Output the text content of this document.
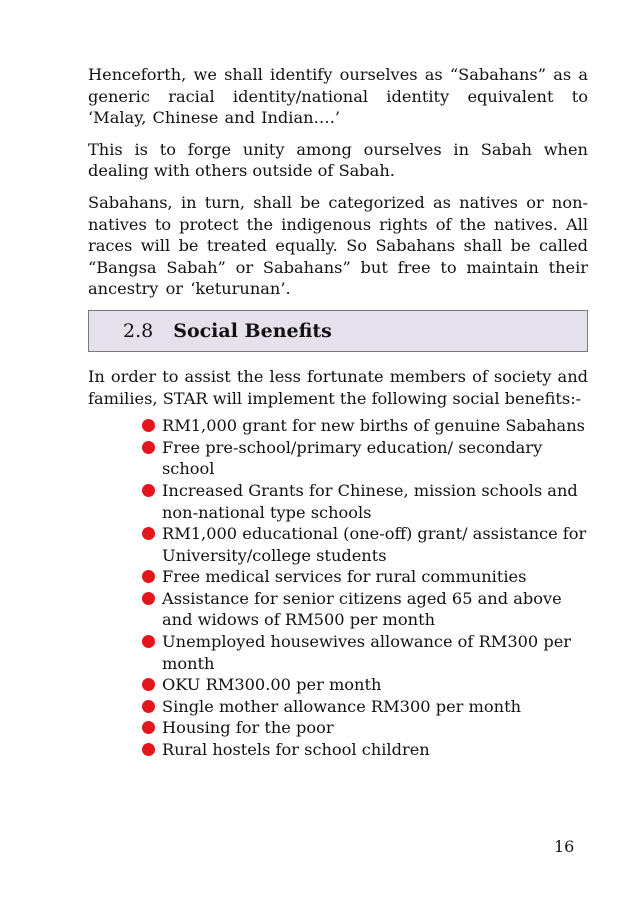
Henceforth, we shall identify ourselves as “Sabahans” as a generic racial identity/national identity equivalent to ‘Malay, Chinese and Indian….’

This is to forge unity among ourselves in Sabah when dealing with others outside of Sabah.

Sabahans, in turn, shall be categorized as natives or non-natives to protect the indigenous rights of the natives. All races will be treated equally. So Sabahans shall be called “Bangsa Sabah” or Sabahans” but free to maintain their ancestry or ‘keturunan’.

2.8 Social Benefits

In order to assist the less fortunate members of society and families, STAR will implement the following social benefits:-

RM1,000 grant for new births of genuine Sabahans
Free pre-school/primary education/ secondary school
Increased Grants for Chinese, mission schools and non-national type schools
RM1,000 educational (one-off) grant/ assistance for University/college students
Free medical services for rural communities
Assistance for senior citizens aged 65 and above and widows of RM500 per month
Unemployed housewives allowance of RM300 per month
OKU RM300.00 per month
Single mother allowance RM300 per month
Housing for the poor
Rural hostels for school children
16
